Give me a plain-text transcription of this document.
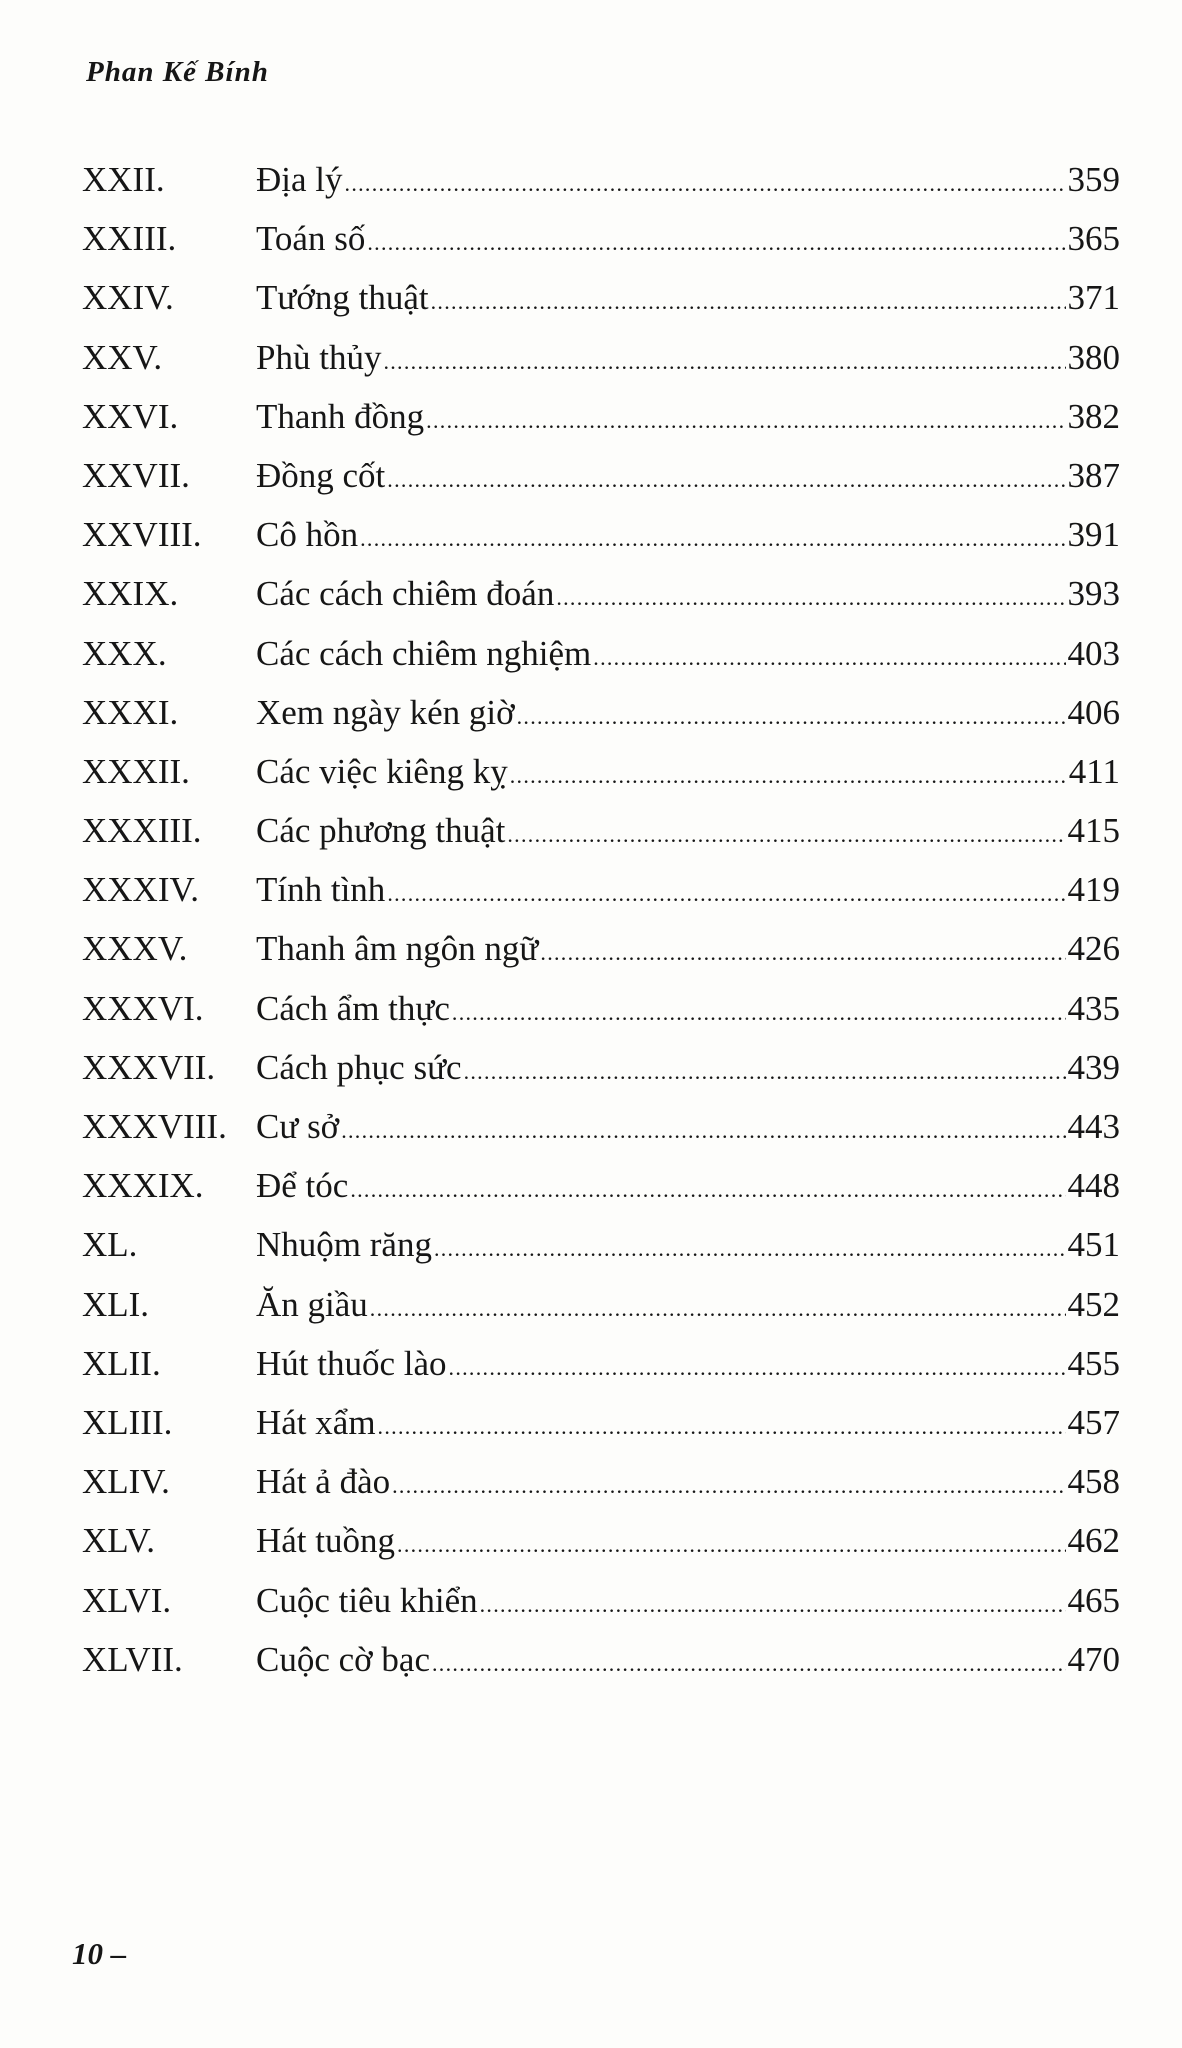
Phan Kế Bính
XXII.	Địa lý .....	359
XXIII.	Toán số .....	365
XXIV.	Tướng thuật .....	371
XXV.	Phù thủy .....	380
XXVI.	Thanh đồng .....	382
XXVII.	Đồng cốt .....	387
XXVIII.	Cô hồn .....	391
XXIX.	Các cách chiêm đoán .....	393
XXX.	Các cách chiêm nghiệm .....	403
XXXI.	Xem ngày kén giờ .....	406
XXXII.	Các việc kiêng kỵ .....	411
XXXIII.	Các phương thuật .....	415
XXXIV.	Tính tình .....	419
XXXV.	Thanh âm ngôn ngữ .....	426
XXXVI.	Cách ẩm thực .....	435
XXXVII.	Cách phục sức .....	439
XXXVIII. Cư sở .....	443
XXXIX.	Để tóc .....	448
XL.	Nhuộm răng .....	451
XLI.	Ăn giầu .....	452
XLII.	Hút thuốc lào .....	455
XLIII.	Hát xẩm .....	457
XLIV.	Hát ả đào .....	458
XLV.	Hát tuồng .....	462
XLVI.	Cuộc tiêu khiển .....	465
XLVII.	Cuộc cờ bạc .....	470
10 –
